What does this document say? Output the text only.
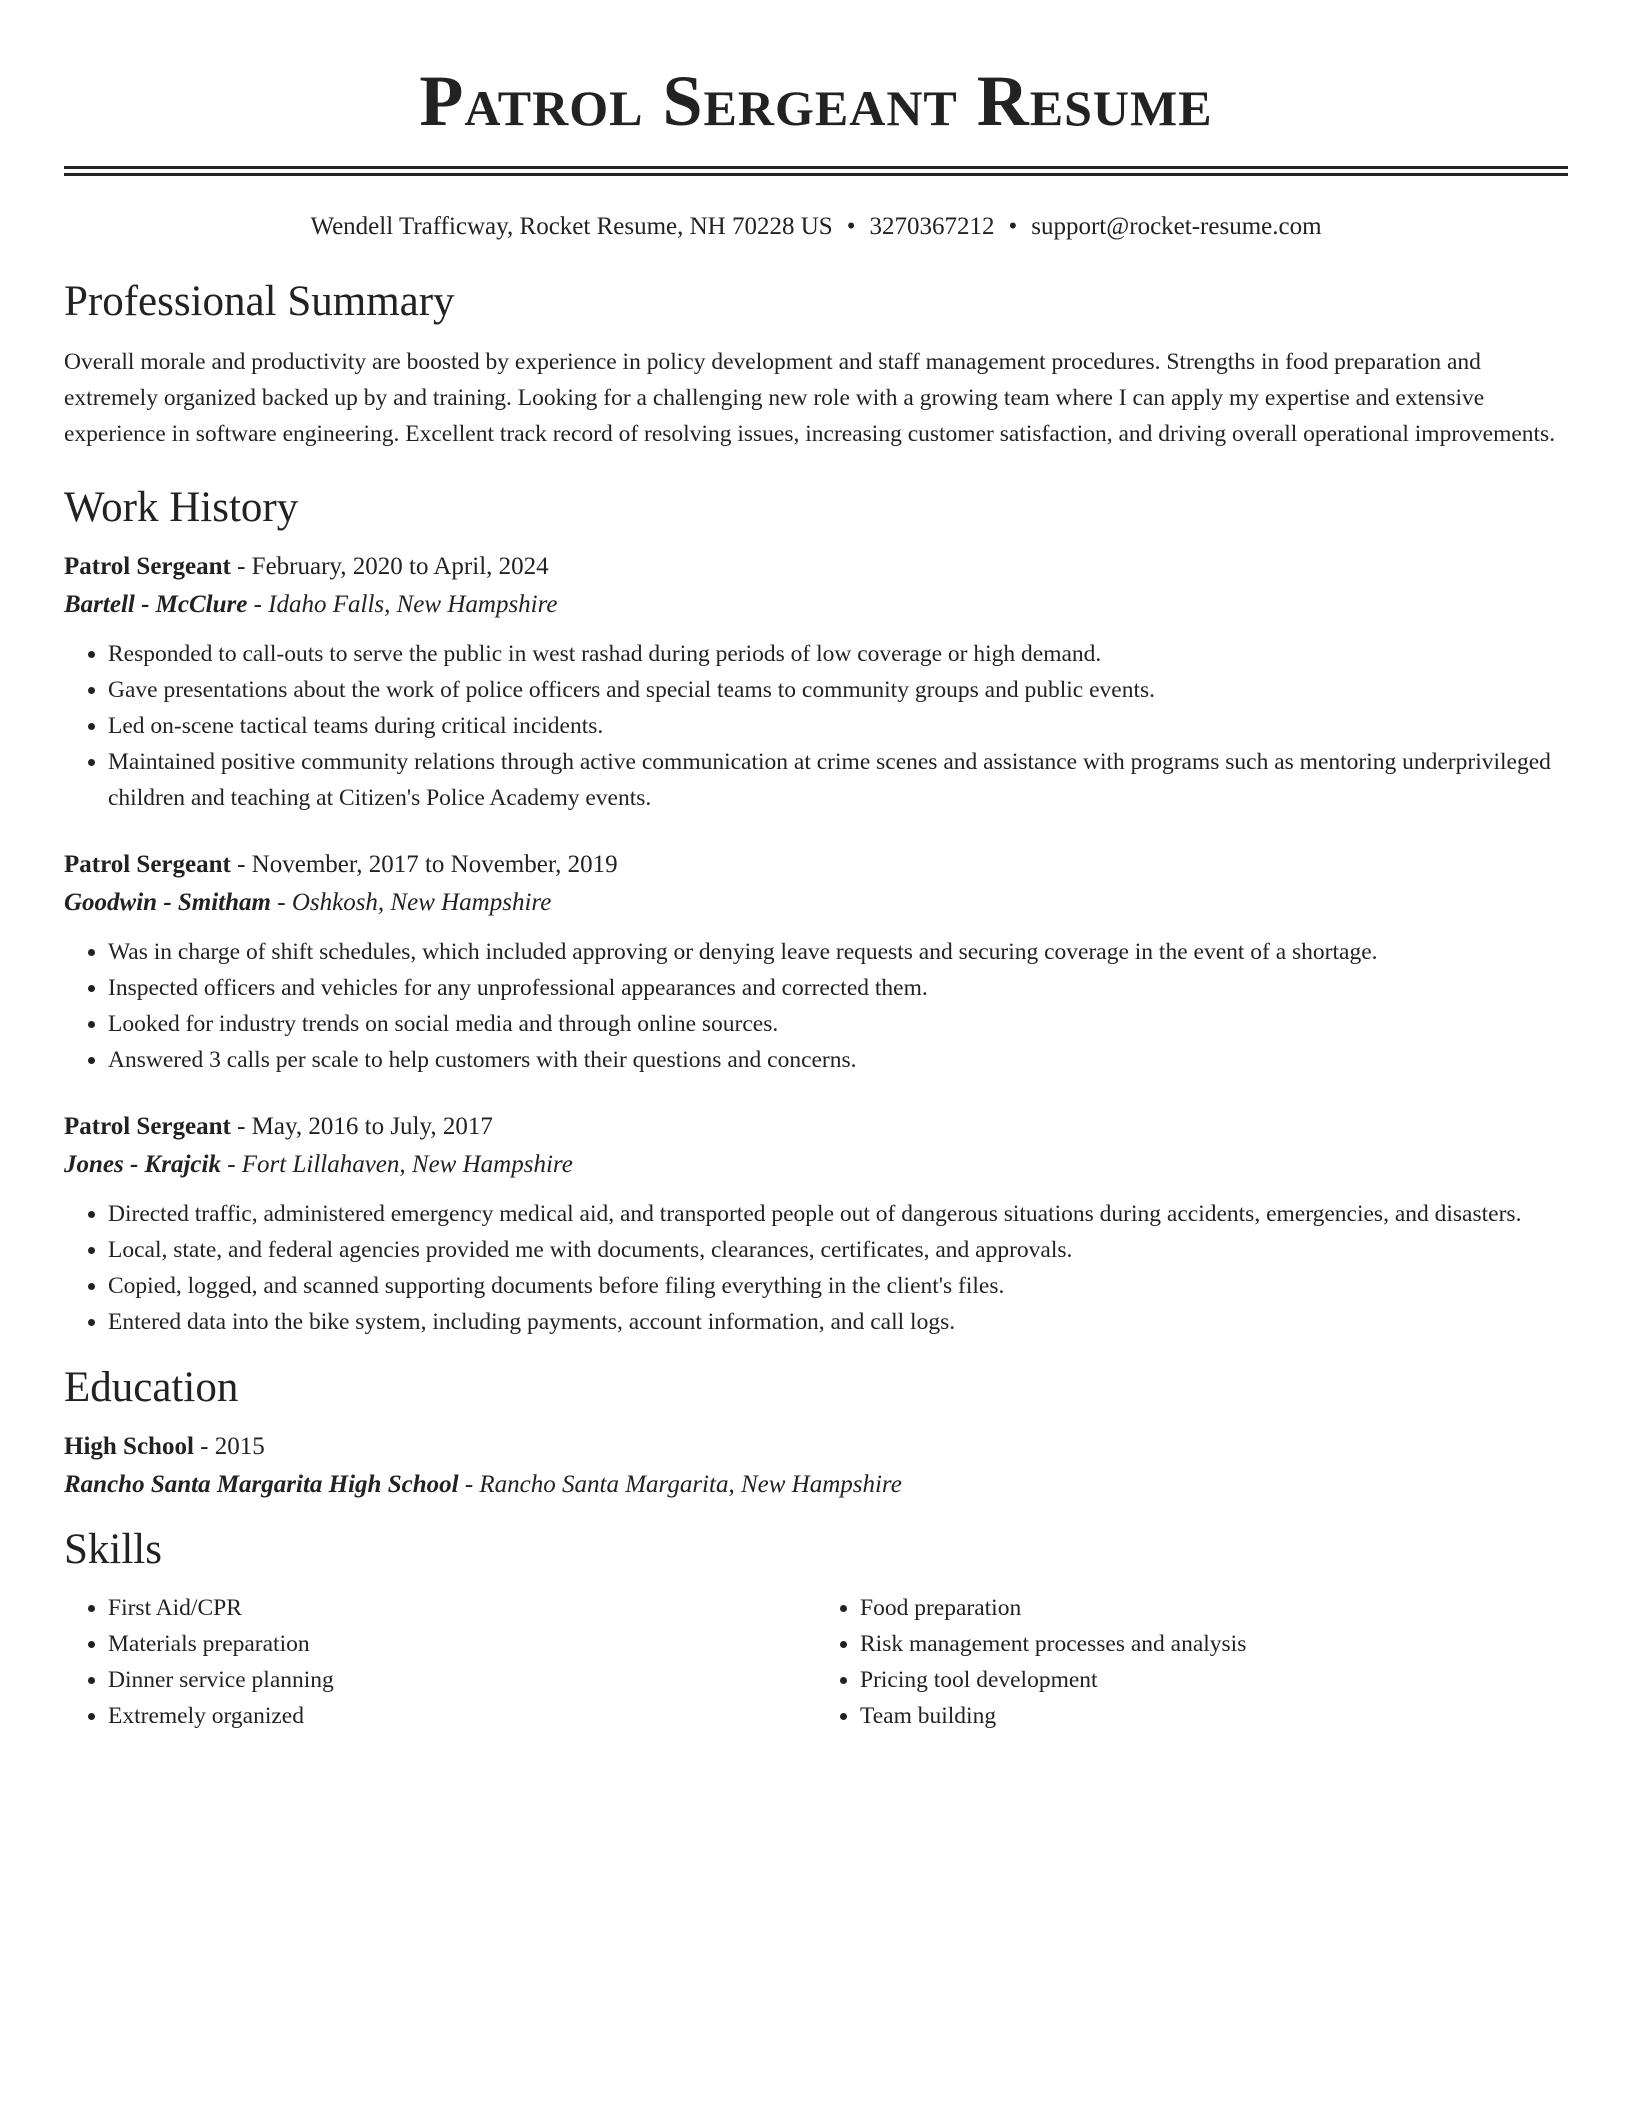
Patrol Sergeant Resume
Wendell Trafficway, Rocket Resume, NH 70228 US • 3270367212 • support@rocket-resume.com
Professional Summary

Overall morale and productivity are boosted by experience in policy development and staff management procedures. Strengths in food preparation and extremely organized backed up by and training. Looking for a challenging new role with a growing team where I can apply my expertise and extensive experience in software engineering. Excellent track record of resolving issues, increasing customer satisfaction, and driving overall operational improvements.

Work History
Patrol Sergeant - February, 2020 to April, 2024
Bartell - McClure - Idaho Falls, New Hampshire
• Responded to call-outs to serve the public in west rashad during periods of low coverage or high demand.
• Gave presentations about the work of police officers and special teams to community groups and public events.
• Led on-scene tactical teams during critical incidents.
• Maintained positive community relations through active communication at crime scenes and assistance with programs such as mentoring underprivileged children and teaching at Citizen's Police Academy events.
Patrol Sergeant - November, 2017 to November, 2019
Goodwin - Smitham - Oshkosh, New Hampshire
• Was in charge of shift schedules, which included approving or denying leave requests and securing coverage in the event of a shortage.
• Inspected officers and vehicles for any unprofessional appearances and corrected them.
• Looked for industry trends on social media and through online sources.
• Answered 3 calls per scale to help customers with their questions and concerns.
Patrol Sergeant - May, 2016 to July, 2017
Jones - Krajcik - Fort Lillahaven, New Hampshire
• Directed traffic, administered emergency medical aid, and transported people out of dangerous situations during accidents, emergencies, and disasters.
• Local, state, and federal agencies provided me with documents, clearances, certificates, and approvals.
• Copied, logged, and scanned supporting documents before filing everything in the client's files.
• Entered data into the bike system, including payments, account information, and call logs.
Education
High School - 2015
Rancho Santa Margarita High School - Rancho Santa Margarita, New Hampshire
Skills
• First Aid/CPR
• Materials preparation
• Dinner service planning
• Extremely organized
• Food preparation
• Risk management processes and analysis
• Pricing tool development
• Team building
